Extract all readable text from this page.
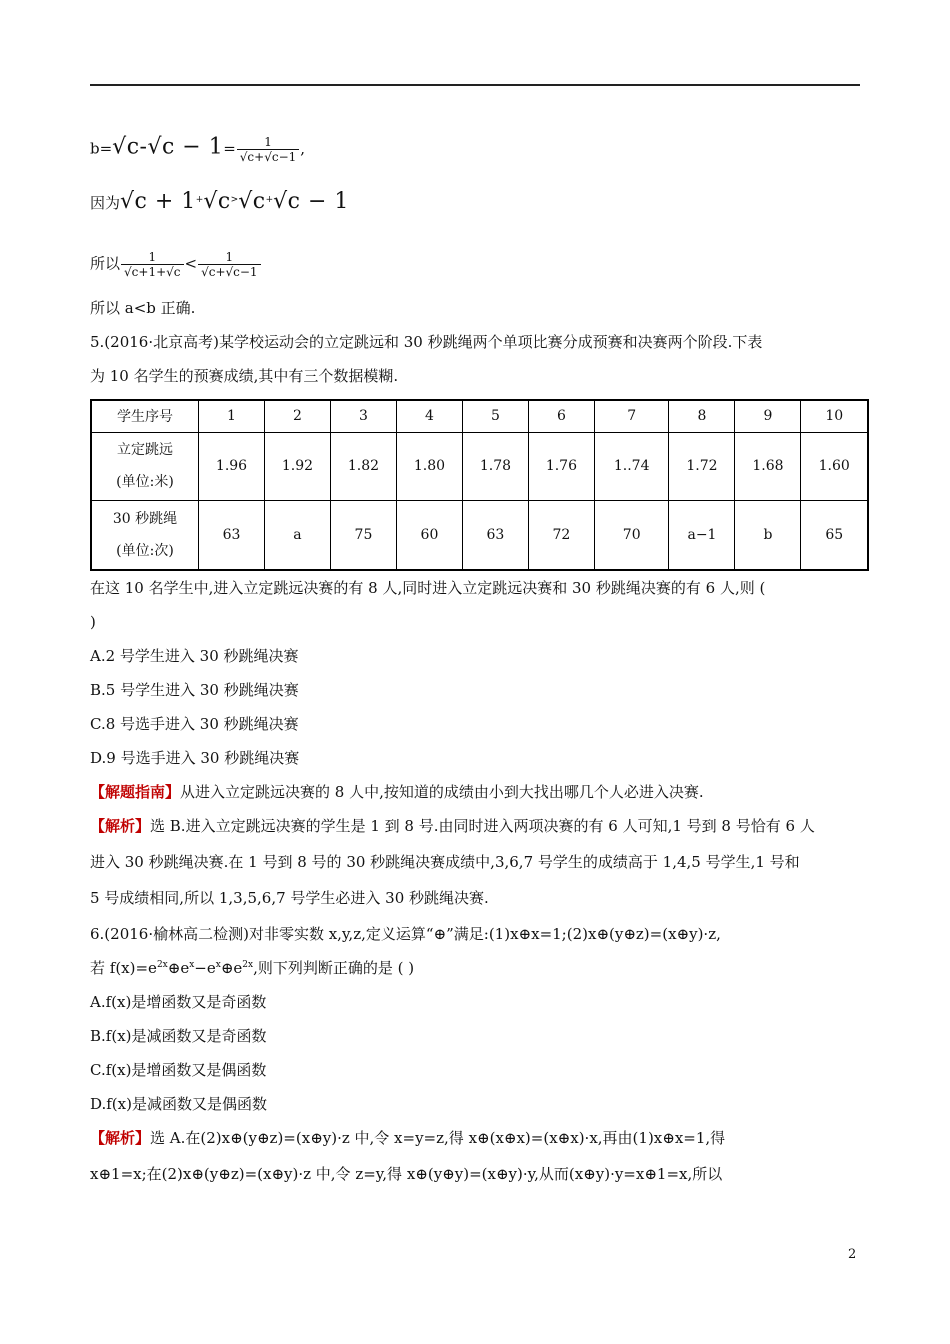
$b=√c-√c - 1= \frac{1}{√c+√c-1}$ ,
因为√c + 1+√c>√c+√c − 1
所以 $\frac{1}{√c+1+√c} < \frac{1}{√c+√c-1}$
所以 a<b 正确.
5.(2016·北京高考)某学校运动会的立定跳远和 30 秒跳绳两个单项比赛分成预赛和决赛两个阶段.下表
为 10 名学生的预赛成绩,其中有三个数据模糊.
学生序号	1	2	3	4	5	6	7	8	9	10

立定跳远
(单位:米)	1.96	1.92	1.82	1.80	1.78	1.76	1..74	1.72	1.68	1.60

30 秒跳绳
(单位:次)	63	a	75	60	63	72	70	a−1	b	65
在这 10 名学生中,进入立定跳远决赛的有 8 人,同时进入立定跳远决赛和 30 秒跳绳决赛的有 6 人,则 (
)
A.2 号学生进入 30 秒跳绳决赛
B.5 号学生进入 30 秒跳绳决赛
C.8 号选手进入 30 秒跳绳决赛
D.9 号选手进入 30 秒跳绳决赛
【解题指南】从进入立定跳远决赛的 8 人中,按知道的成绩由小到大找出哪几个人必进入决赛.
【解析】选 B.进入立定跳远决赛的学生是 1 到 8 号.由同时进入两项决赛的有 6 人可知,1 号到 8 号恰有 6 人
进入 30 秒跳绳决赛.在 1 号到 8 号的 30 秒跳绳决赛成绩中,3,6,7 号学生的成绩高于 1,4,5 号学生,1 号和
5 号成绩相同,所以 1,3,5,6,7 号学生必进入 30 秒跳绳决赛.
6.(2016·榆林高二检测)对非零实数 x,y,z,定义运算“⊕”满足:(1)x⊕x=1;(2)x⊕(y⊕z)=(x⊕y)·z,
若 $f(x)=e^{2x}\oplus e^x-e^x\oplus e^{2x}$,则下列判断正确的是 ( )
A.f(x)是增函数又是奇函数
B.f(x)是减函数又是奇函数
C.f(x)是增函数又是偶函数
D.f(x)是减函数又是偶函数
【解析】选 A.在(2)x⊕(y⊕z)=(x⊕y)·z 中,令 x=y=z,得 x⊕(x⊕x)=(x⊕x)·x,再由(1)x⊕x=1,得
x⊕1=x;在(2)x⊕(y⊕z)=(x⊕y)·z 中,令 z=y,得 x⊕(y⊕y)=(x⊕y)·y,从而(x⊕y)·y=x⊕1=x,所以
2
